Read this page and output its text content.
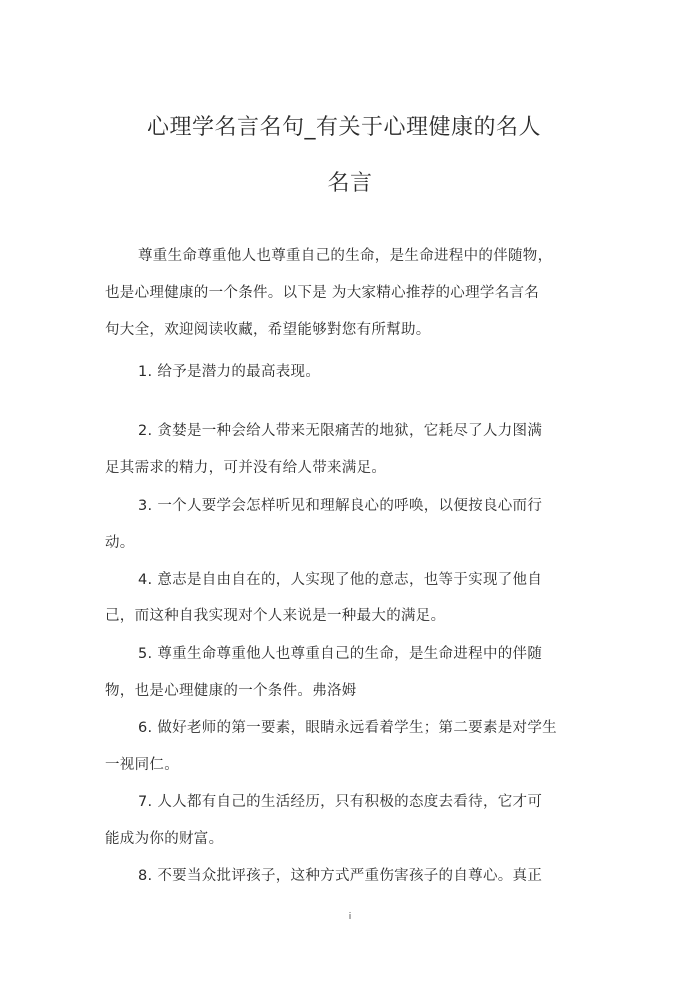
心理学名言名句_有关于心理健康的名人
名言
尊重生命尊重他人也尊重自己的生命，是生命进程中的伴随物，
也是心理健康的一个条件。以下是 为大家精心推荐的心理学名言名
句大全，欢迎阅读收藏，希望能够對您有所幫助。
1. 给予是潜力的最高表现。
2. 贪婪是一种会给人带来无限痛苦的地狱，它耗尽了人力图满
足其需求的精力，可并没有给人带来满足。
3. 一个人要学会怎样听见和理解良心的呼唤，以便按良心而行
动。
4. 意志是自由自在的，人实现了他的意志，也等于实现了他自
己，而这种自我实现对个人来说是一种最大的满足。
5. 尊重生命尊重他人也尊重自己的生命，是生命进程中的伴随
物，也是心理健康的一个条件。弗洛姆
6. 做好老师的第一要素，眼睛永远看着学生；第二要素是对学生
一视同仁。
7. 人人都有自己的生活经历，只有积极的态度去看待，它才可
能成为你的财富。
8. 不要当众批评孩子，这种方式严重伤害孩子的自尊心。真正
i
